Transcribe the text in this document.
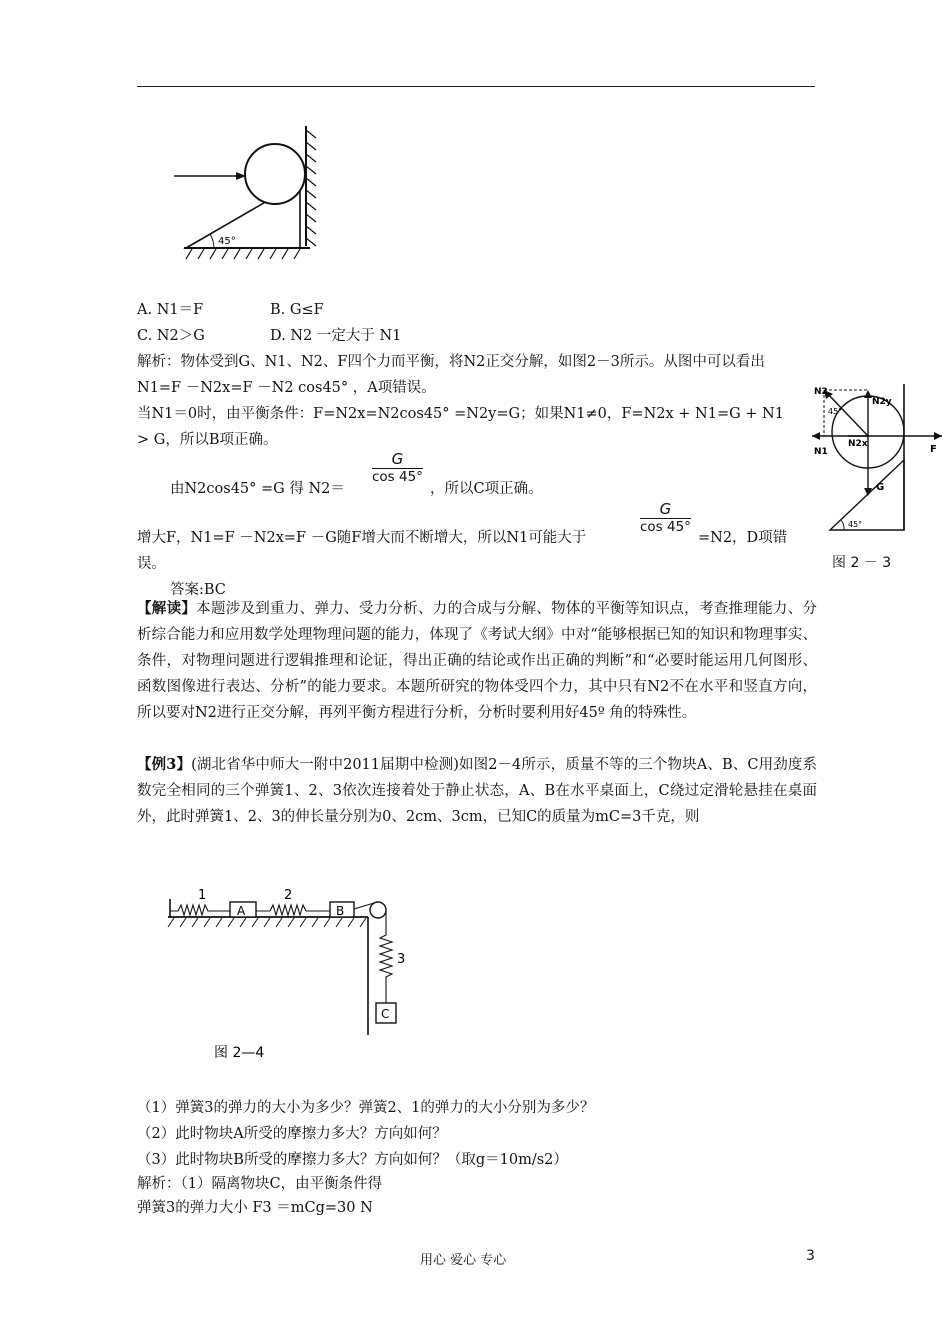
45°
A. N1＝F	B. G≤F
C. N2＞G	D. N2 一定大于 N1
解析：物体受到G、N1、N2、F四个力而平衡，将N2正交分解，如图2－3所示。从图中可以看出
N1=F －N2x=F －N2 cos45° ，A项错误。
当N1＝0时，由平衡条件：F=N2x=N2cos45° =N2y=G；如果N1≠0，F=N2x + N1=G + N1
> G，所以B项正确。
由N2cos45° =G 得 N2＝
$\frac{G}{\cos 45^\circ}$
，所以C项正确。
增大F，N1=F －N2x=F －G随F增大而不断增大，所以N1可能大于
$\frac{G}{\cos 45^\circ}$
=N2，D项错
误。
答案:BC
N2
N2y
45°
N2x
N1	F
G
45°
图 2 － 3
【解读】本题涉及到重力、弹力、受力分析、力的合成与分解、物体的平衡等知识点，考查推理能力、分析综合能力和应用数学处理物理问题的能力，体现了《考试大纲》中对“能够根据已知的知识和物理事实、条件，对物理问题进行逻辑推理和论证，得出正确的结论或作出正确的判断”和“必要时能运用几何图形、函数图像进行表达、分析”的能力要求。本题所研究的物体受四个力，其中只有N2不在水平和竖直方向，所以要对N2进行正交分解，再列平衡方程进行分析，分析时要利用好45º 角的特殊性。
【例3】(湖北省华中师大一附中2011届期中检测)如图2－4所示，质量不等的三个物块A、B、C用劲度系数完全相同的三个弹簧1、2、3依次连接着处于静止状态，A、B在水平桌面上，C绕过定滑轮悬挂在桌面外，此时弹簧1、2、3的伸长量分别为0、2cm、3cm，已知C的质量为mC=3千克，则
1	2
3
A	B
C
图 2—4
（1）弹簧3的弹力的大小为多少？弹簧2、1的弹力的大小分别为多少？
（2）此时物块A所受的摩擦力多大？方向如何？
（3）此时物块B所受的摩擦力多大？方向如何？（取g＝10m/s2）
解析：（1）隔离物块C，由平衡条件得
弹簧3的弹力大小 F3 ＝mCg=30 N
用心 爱心 专心	3
